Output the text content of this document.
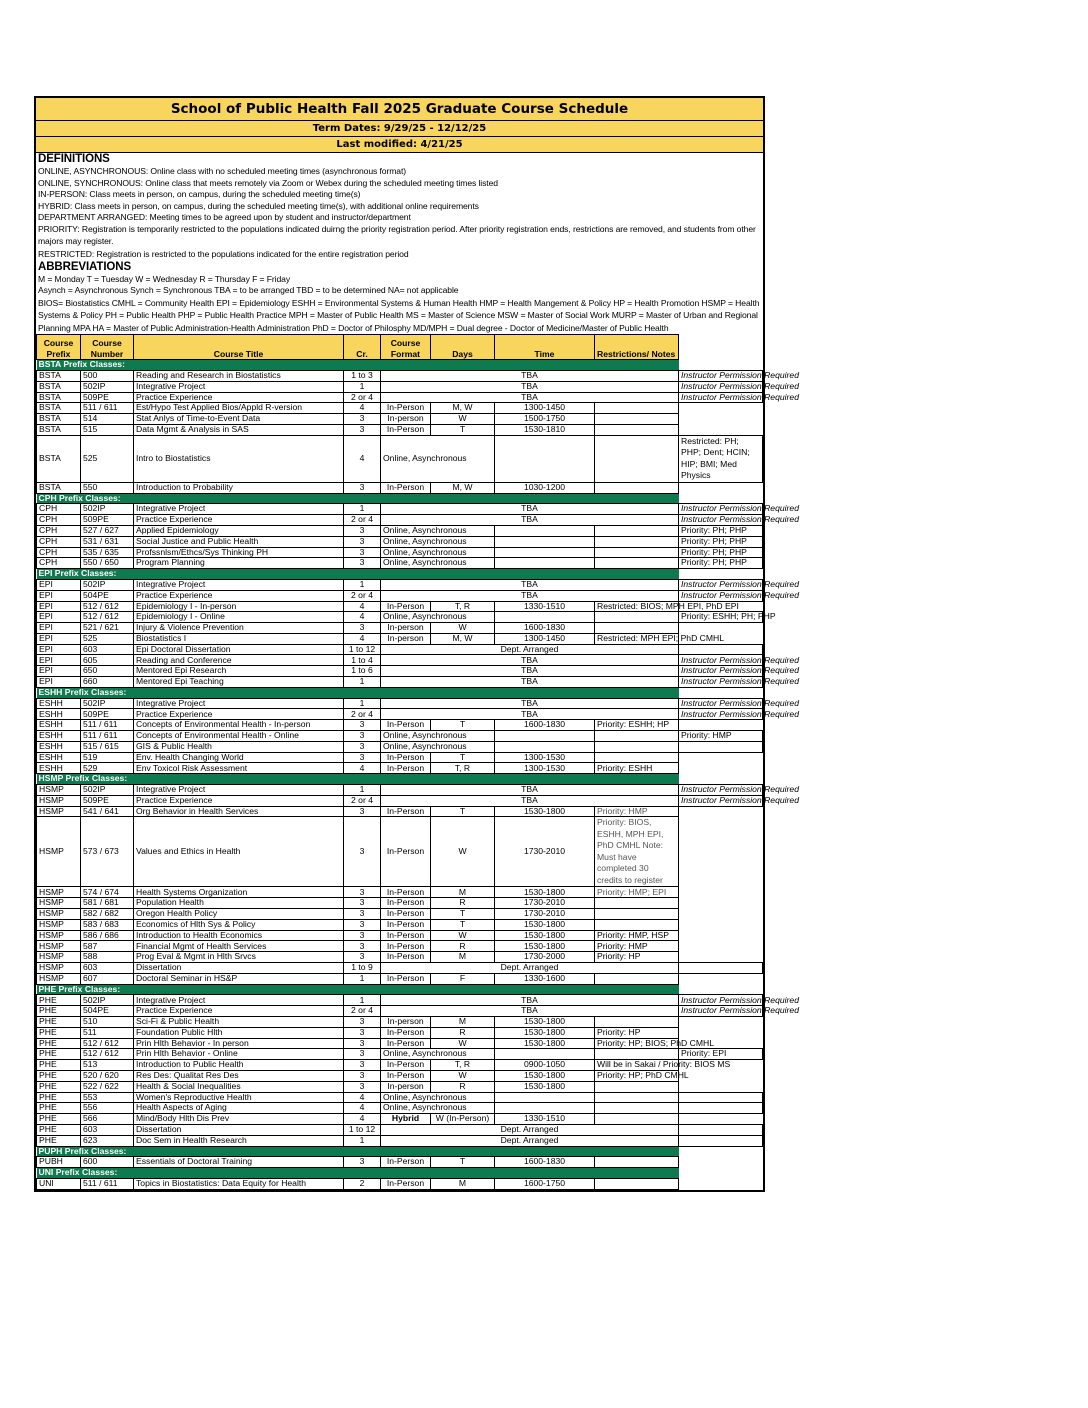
School of Public Health Fall 2025 Graduate Course Schedule
Term Dates: 9/29/25 - 12/12/25
Last modified: 4/21/25
DEFINITIONS
ONLINE, ASYNCHRONOUS: Online class with no scheduled meeting times (asynchronous format)
ONLINE, SYNCHRONOUS: Online class that meets remotely via Zoom or Webex during the scheduled meeting times listed
IN-PERSON: Class meets in person, on campus, during the scheduled meeting time(s)
HYBRID: Class meets in person, on campus, during the scheduled meeting time(s), with additional online requirements
DEPARTMENT ARRANGED: Meeting times to be agreed upon by student and instructor/department
PRIORITY: Registration is temporarily restricted to the populations indicated duirng the priority registration period. After priority registration ends, restrictions are removed, and students from other majors may register.
RESTRICTED: Registration is restricted to the populations indicated for the entire registration period
ABBREVIATIONS
M = Monday T = Tuesday W = Wednesday R = Thursday F = Friday
Asynch = Asynchronous Synch = Synchronous TBA = to be arranged TBD = to be determined NA= not applicable
BIOS= Biostatistics CMHL = Community Health EPI = Epidemiology ESHH = Environmental Systems & Human Health HMP = Health Mangement & Policy HP = Health Promotion HSMP = Health Systems & Policy PH = Public Health PHP = Public Health Practice MPH = Master of Public Health MS = Master of Science MSW = Master of Social Work MURP = Master of Urban and Regional Planning MPA HA = Master of Public Administration-Health Administration PhD = Doctor of Philosphy MD/MPH = Dual degree - Doctor of Medicine/Master of Public Health
Course Prefix	Course Number	Course Title	Cr.	Course Format	Days	Time	Restrictions/ Notes	
BSTA Prefix Classes:								
BSTA	500	Reading and Research in Biostatistics	1 to 3	TBA				Instructor Permission Required
BSTA	502IP	Integrative Project	1	TBA				Instructor Permission Required
BSTA	509PE	Practice Experience	2 or 4	TBA				Instructor Permission Required
BSTA	511 / 611	Est/Hypo Test Applied Bios/Appld R-version	4	In-Person	M, W	1300-1450		
BSTA	514	Stat Anlys of Time-to-Event Data	3	In-person	W	1500-1750		
BSTA	515	Data Mgmt & Analysis in SAS	3	In-Person	T	1530-1810		
BSTA	525	Intro to Biostatistics	4	Online, Asynchronous				Restricted: PH; PHP; Dent; HCIN; HIP; BMI; Med Physics
BSTA	550	Introduction to Probability	3	In-Person	M, W	1030-1200		
CPH Prefix Classes:								
CPH	502IP	Integrative Project	1	TBA				Instructor Permission Required
CPH	509PE	Practice Experience	2 or 4	TBA				Instructor Permission Required
CPH	527 / 627	Applied Epidemiology	3	Online, Asynchronous				Priority: PH; PHP
CPH	531 / 631	Social Justice and Public Health	3	Online, Asynchronous				Priority: PH; PHP
CPH	535 / 635	Profssnlsm/Ethcs/Sys Thinking PH	3	Online, Asynchronous				Priority: PH; PHP
CPH	550 / 650	Program Planning	3	Online, Asynchronous				Priority: PH; PHP
EPI Prefix Classes:								
EPI	502IP	Integrative Project	1	TBA				Instructor Permission Required
EPI	504PE	Practice Experience	2 or 4	TBA				Instructor Permission Required
EPI	512 / 612	Epidemiology I - In-person	4	In-Person	T, R	1330-1510	Restricted: BIOS; MPH EPI, PhD EPI	
EPI	512 / 612	Epidemiology I - Online	4	Online, Asynchronous				Priority: ESHH; PH; PHP
EPI	521 / 621	Injury & Violence Prevention	3	In-person	W	1600-1830		
EPI	525	Biostatistics I	4	In-person	M, W	1300-1450	Restricted: MPH EPI; PhD CMHL	
EPI	603	Epi Doctoral Dissertation	1 to 12	Dept. Arranged				
EPI	605	Reading and Conference	1 to 4	TBA				Instructor Permission Required
EPI	650	Mentored Epi Research	1 to 6	TBA				Instructor Permission Required
EPI	660	Mentored Epi Teaching	1	TBA				Instructor Permission Required
ESHH Prefix Classes:								
ESHH	502IP	Integrative Project	1	TBA				Instructor Permission Required
ESHH	509PE	Practice Experience	2 or 4	TBA				Instructor Permission Required
ESHH	511 / 611	Concepts of Environmental Health - In-person	3	In-Person	T	1600-1830	Priority: ESHH; HP	
ESHH	511 / 611	Concepts of Environmental Health - Online	3	Online, Asynchronous				Priority: HMP
ESHH	515 / 615	GIS & Public Health	3	Online, Asynchronous				
ESHH	519	Env. Health Changing World	3	In-Person	T	1300-1530		
ESHH	529	Env Toxicol Risk Assessment	4	In-Person	T, R	1300-1530	Priority: ESHH	
HSMP Prefix Classes:								
HSMP	502IP	Integrative Project	1	TBA				Instructor Permission Required
HSMP	509PE	Practice Experience	2 or 4	TBA				Instructor Permission Required
HSMP	541 / 641	Org Behavior in Health Services	3	In-Person	T	1530-1800	Priority: HMP	
HSMP	573 / 673	Values and Ethics in Health	3	In-Person	W	1730-2010	Priority: BIOS, ESHH, MPH EPI, PhD CMHL Note: Must have completed 30 credits to register	
HSMP	574 / 674	Health Systems Organization	3	In-Person	M	1530-1800	Priority: HMP; EPI	
HSMP	581 / 681	Population Health	3	In-Person	R	1730-2010		
HSMP	582 / 682	Oregon Health Policy	3	In-Person	T	1730-2010		
HSMP	583 / 683	Economics of Hlth Sys & Policy	3	In-Person	T	1530-1800		
HSMP	586 / 686	Introduction to Health Economics	3	In-Person	W	1530-1800	Priority: HMP, HSP	
HSMP	587	Financial Mgmt of Health Services	3	In-Person	R	1530-1800	Priority: HMP	
HSMP	588	Prog Eval & Mgmt in Hlth Srvcs	3	In-Person	M	1730-2000	Priority: HP	
HSMP	603	Dissertation	1 to 9	Dept. Arranged				
HSMP	607	Doctoral Seminar in HS&P	1	In-Person	F	1330-1600		
PHE Prefix Classes:								
PHE	502IP	Integrative Project	1	TBA				Instructor Permission Required
PHE	504PE	Practice Experience	2 or 4	TBA				Instructor Permission Required
PHE	510	Sci-Fi & Public Health	3	In-person	M	1530-1800		
PHE	511	Foundation Public Hlth	3	In-Person	R	1530-1800	Priority: HP	
PHE	512 / 612	Prin Hlth Behavior - In person	3	In-Person	W	1530-1800	Priority: HP; BIOS; PhD CMHL	
PHE	512 / 612	Prin Hlth Behavior - Online	3	Online, Asynchronous				Priority: EPI
PHE	513	Introduction to Public Health	3	In-Person	T, R	0900-1050	Will be in Sakai / Priority: BIOS MS	
PHE	520 / 620	Res Des: Qualitat Res Des	3	In-Person	W	1530-1800	Priority: HP; PhD CMHL	
PHE	522 / 622	Health & Social Inequalities	3	In-person	R	1530-1800		
PHE	553	Women's Reproductive Health	4	Online, Asynchronous				
PHE	556	Health Aspects of Aging	4	Online, Asynchronous				
PHE	566	Mind/Body Hlth Dis Prev	4	Hybrid	W (In-Person)	1330-1510		
PHE	603	Dissertation	1 to 12	Dept. Arranged				
PHE	623	Doc Sem in Health Research	1	Dept. Arranged				
PUPH Prefix Classes:								
PUBH	600	Essentials of Doctoral Training	3	In-Person	T	1600-1830		
UNI Prefix Classes:								
UNI	511 / 611	Topics in Biostatistics: Data Equity for Health	2	In-Person	M	1600-1750		
